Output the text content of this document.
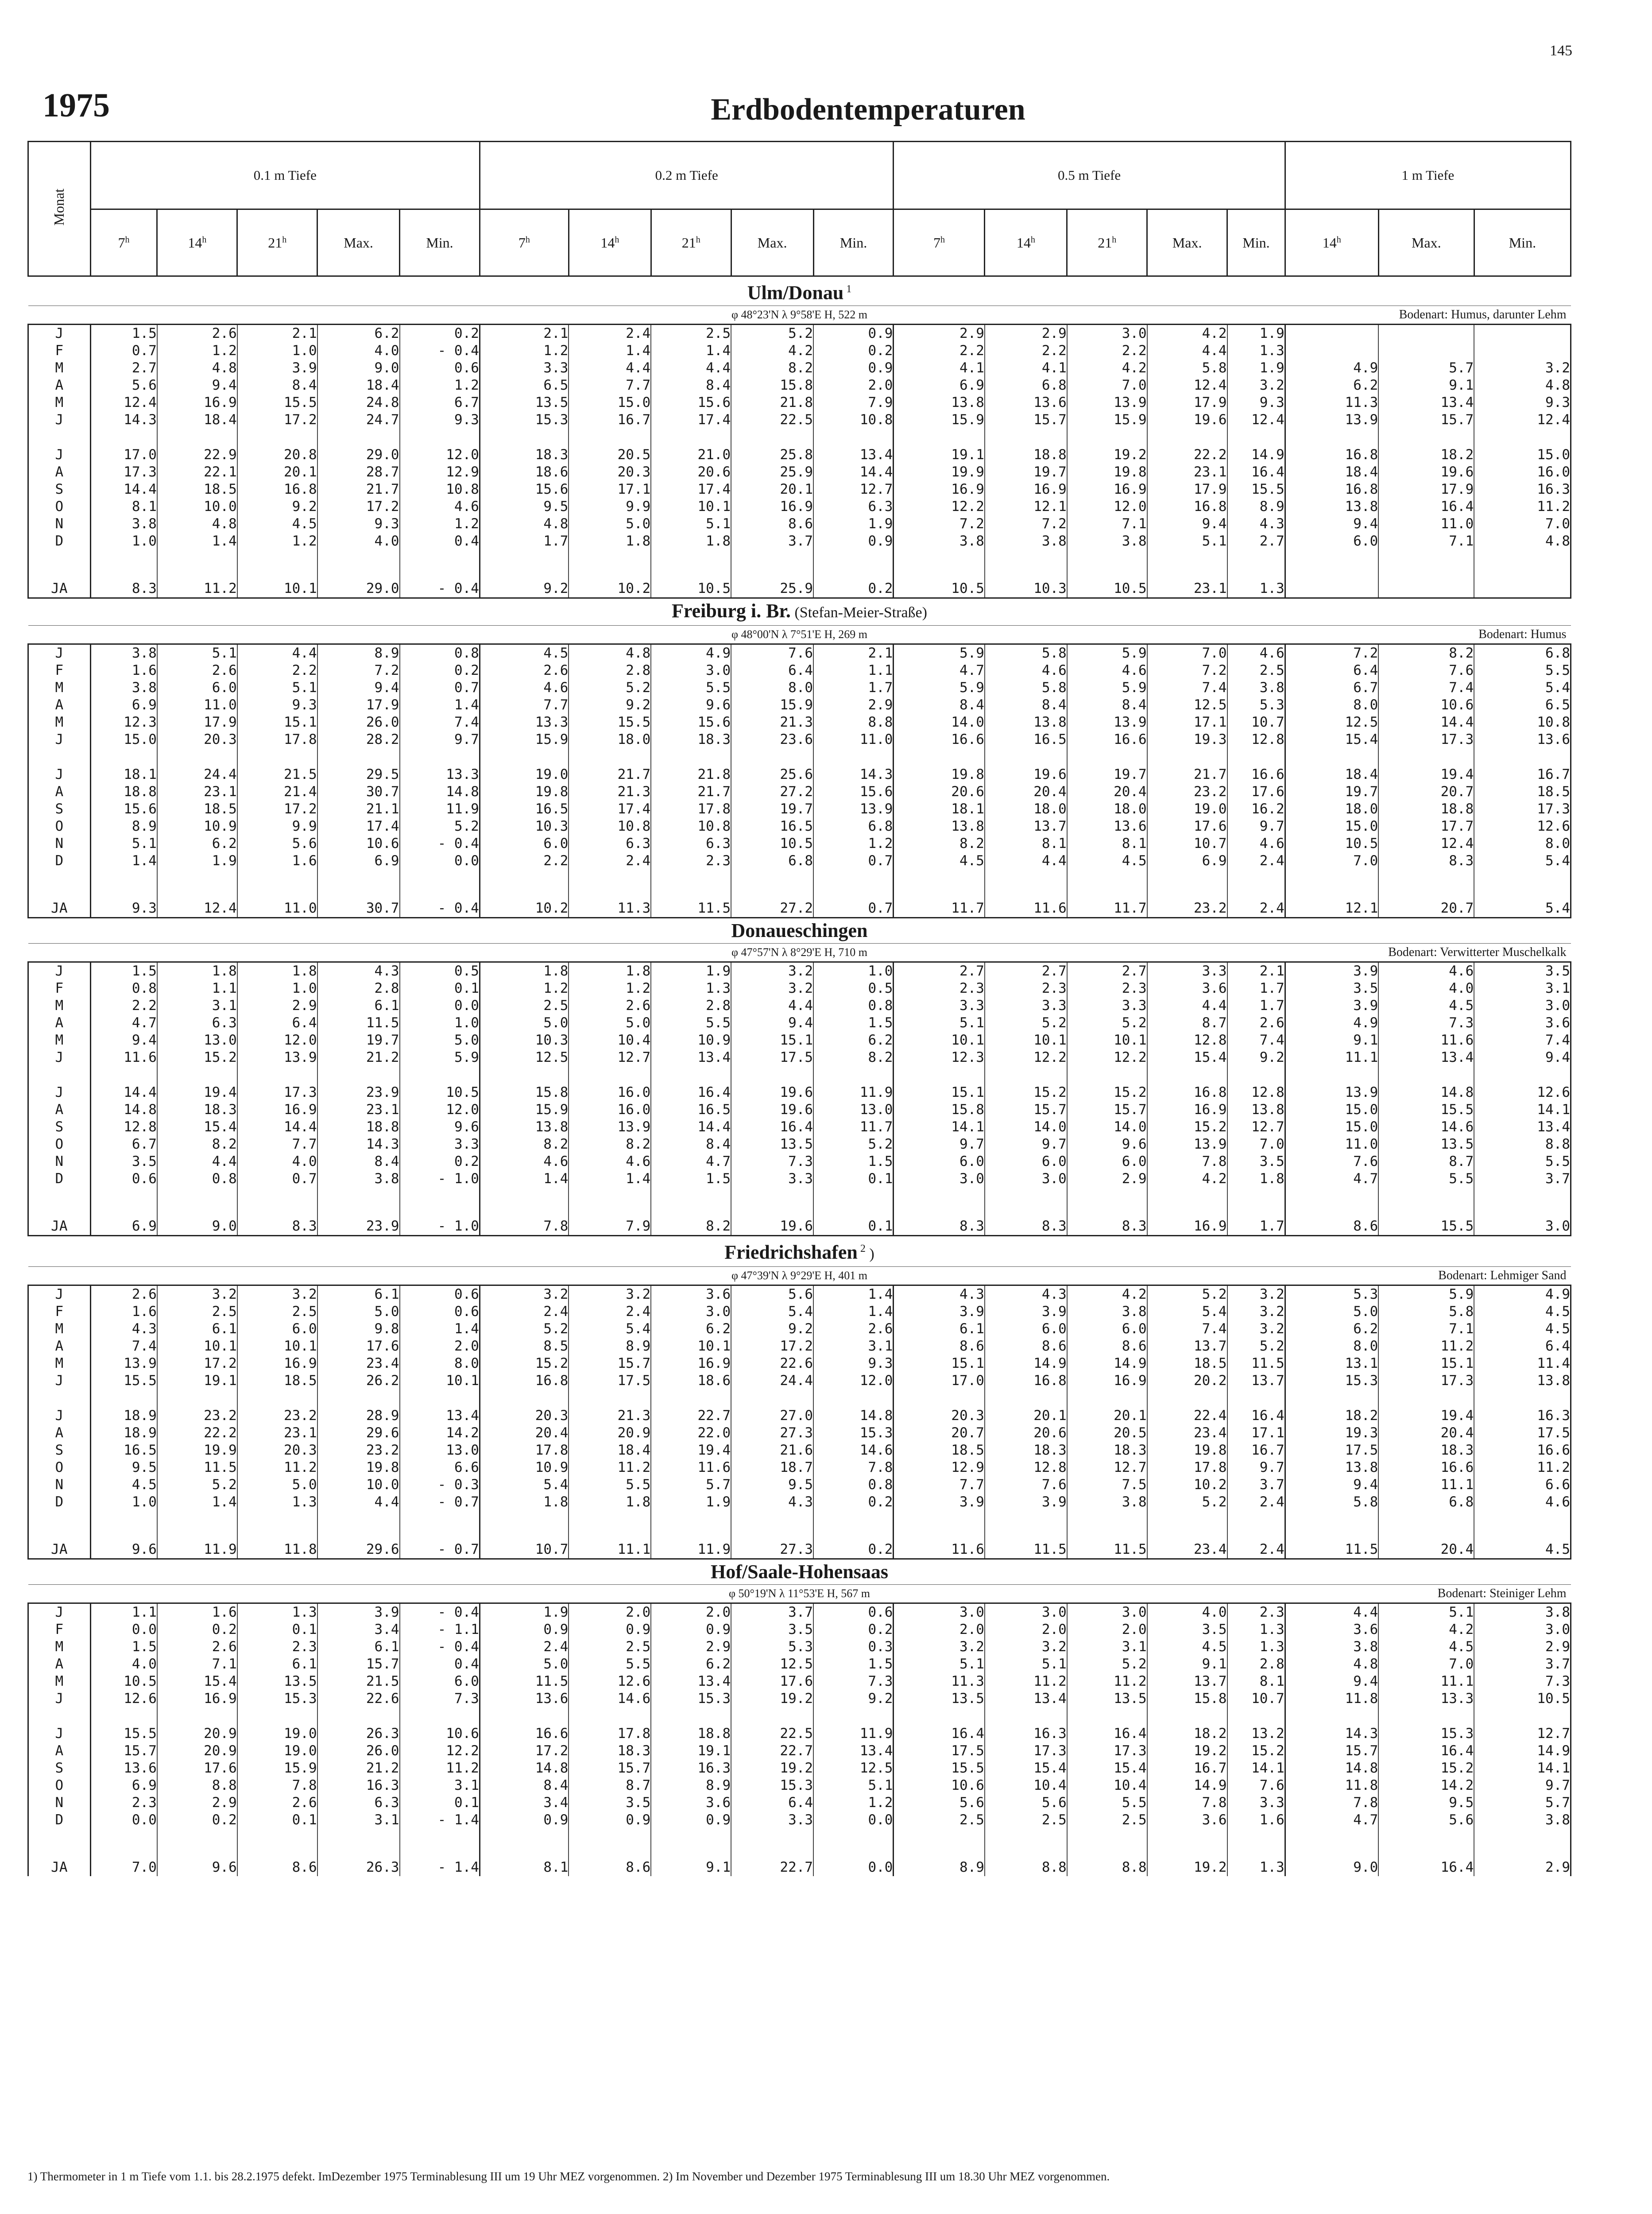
145
1975	Erdbodentemperaturen
Monat	0.1 m Tiefe					0.2 m Tiefe					0.5 m Tiefe					1 m Tiefe		
	7$^h$	14$^h$	21$^h$	Max.	Min.	7$^h$	14$^h$	21$^h$	Max.	Min.	7$^h$	14$^h$	21$^h$	Max.	Min.	14$^h$	Max.	Min.
Ulm/Donau $^1$
φ 48°23'N λ 9°58'E H, 522 m Bodenart: Humus, darunter Lehm																		

J	1.5	2.6	2.1	6.2	0.2	2.1	2.4	2.5	5.2	0.9	2.9	2.9	3.0	4.2	1.9			
F	0.7	1.2	1.0	4.0	- 0.4	1.2	1.4	1.4	4.2	0.2	2.2	2.2	2.2	4.4	1.3			
M	2.7	4.8	3.9	9.0	0.6	3.3	4.4	4.4	8.2	0.9	4.1	4.1	4.2	5.8	1.9	4.9	5.7	3.2
A	5.6	9.4	8.4	18.4	1.2	6.5	7.7	8.4	15.8	2.0	6.9	6.8	7.0	12.4	3.2	6.2	9.1	4.8
M	12.4	16.9	15.5	24.8	6.7	13.5	15.0	15.6	21.8	7.9	13.8	13.6	13.9	17.9	9.3	11.3	13.4	9.3
J	14.3	18.4	17.2	24.7	9.3	15.3	16.7	17.4	22.5	10.8	15.9	15.7	15.9	19.6	12.4	13.9	15.7	12.4

J	17.0	22.9	20.8	29.0	12.0	18.3	20.5	21.0	25.8	13.4	19.1	18.8	19.2	22.2	14.9	16.8	18.2	15.0
A	17.3	22.1	20.1	28.7	12.9	18.6	20.3	20.6	25.9	14.4	19.9	19.7	19.8	23.1	16.4	18.4	19.6	16.0
S	14.4	18.5	16.8	21.7	10.8	15.6	17.1	17.4	20.1	12.7	16.9	16.9	16.9	17.9	15.5	16.8	17.9	16.3
O	8.1	10.0	9.2	17.2	4.6	9.5	9.9	10.1	16.9	6.3	12.2	12.1	12.0	16.8	8.9	13.8	16.4	11.2
N	3.8	4.8	4.5	9.3	1.2	4.8	5.0	5.1	8.6	1.9	7.2	7.2	7.1	9.4	4.3	9.4	11.0	7.0
D	1.0	1.4	1.2	4.0	0.4	1.7	1.8	1.8	3.7	0.9	3.8	3.8	3.8	5.1	2.7	6.0	7.1	4.8

JA	8.3	11.2	10.1	29.0	- 0.4	9.2	10.2	10.5	25.9	0.2	10.5	10.3	10.5	23.1	1.3			
Freiburg i. Br. (Stefan-Meier-Straße)																		
φ 48°00'N λ 7°51'E H, 269 m Bodenart: Humus																		

J	3.8	5.1	4.4	8.9	0.8	4.5	4.8	4.9	7.6	2.1	5.9	5.8	5.9	7.0	4.6	7.2	8.2	6.8
F	1.6	2.6	2.2	7.2	0.2	2.6	2.8	3.0	6.4	1.1	4.7	4.6	4.6	7.2	2.5	6.4	7.6	5.5
M	3.8	6.0	5.1	9.4	0.7	4.6	5.2	5.5	8.0	1.7	5.9	5.8	5.9	7.4	3.8	6.7	7.4	5.4
A	6.9	11.0	9.3	17.9	1.4	7.7	9.2	9.6	15.9	2.9	8.4	8.4	8.4	12.5	5.3	8.0	10.6	6.5
M	12.3	17.9	15.1	26.0	7.4	13.3	15.5	15.6	21.3	8.8	14.0	13.8	13.9	17.1	10.7	12.5	14.4	10.8
J	15.0	20.3	17.8	28.2	9.7	15.9	18.0	18.3	23.6	11.0	16.6	16.5	16.6	19.3	12.8	15.4	17.3	13.6

J	18.1	24.4	21.5	29.5	13.3	19.0	21.7	21.8	25.6	14.3	19.8	19.6	19.7	21.7	16.6	18.4	19.4	16.7
A	18.8	23.1	21.4	30.7	14.8	19.8	21.3	21.7	27.2	15.6	20.6	20.4	20.4	23.2	17.6	19.7	20.7	18.5
S	15.6	18.5	17.2	21.1	11.9	16.5	17.4	17.8	19.7	13.9	18.1	18.0	18.0	19.0	16.2	18.0	18.8	17.3
O	8.9	10.9	9.9	17.4	5.2	10.3	10.8	10.8	16.5	6.8	13.8	13.7	13.6	17.6	9.7	15.0	17.7	12.6
N	5.1	6.2	5.6	10.6	- 0.4	6.0	6.3	6.3	10.5	1.2	8.2	8.1	8.1	10.7	4.6	10.5	12.4	8.0
D	1.4	1.9	1.6	6.9	0.0	2.2	2.4	2.3	6.8	0.7	4.5	4.4	4.5	6.9	2.4	7.0	8.3	5.4

JA	9.3	12.4	11.0	30.7	- 0.4	10.2	11.3	11.5	27.2	0.7	11.7	11.6	11.7	23.2	2.4	12.1	20.7	5.4
Donaueschingen																		
φ 47°57'N λ 8°29'E H, 710 m Bodenart: Verwitterter Muschelkalk																		

J	1.5	1.8	1.8	4.3	0.5	1.8	1.8	1.9	3.2	1.0	2.7	2.7	2.7	3.3	2.1	3.9	4.6	3.5
F	0.8	1.1	1.0	2.8	0.1	1.2	1.2	1.3	3.2	0.5	2.3	2.3	2.3	3.6	1.7	3.5	4.0	3.1
M	2.2	3.1	2.9	6.1	0.0	2.5	2.6	2.8	4.4	0.8	3.3	3.3	3.3	4.4	1.7	3.9	4.5	3.0
A	4.7	6.3	6.4	11.5	1.0	5.0	5.0	5.5	9.4	1.5	5.1	5.2	5.2	8.7	2.6	4.9	7.3	3.6
M	9.4	13.0	12.0	19.7	5.0	10.3	10.4	10.9	15.1	6.2	10.1	10.1	10.1	12.8	7.4	9.1	11.6	7.4
J	11.6	15.2	13.9	21.2	5.9	12.5	12.7	13.4	17.5	8.2	12.3	12.2	12.2	15.4	9.2	11.1	13.4	9.4

J	14.4	19.4	17.3	23.9	10.5	15.8	16.0	16.4	19.6	11.9	15.1	15.2	15.2	16.8	12.8	13.9	14.8	12.6
A	14.8	18.3	16.9	23.1	12.0	15.9	16.0	16.5	19.6	13.0	15.8	15.7	15.7	16.9	13.8	15.0	15.5	14.1
S	12.8	15.4	14.4	18.8	9.6	13.8	13.9	14.4	16.4	11.7	14.1	14.0	14.0	15.2	12.7	15.0	14.6	13.4
O	6.7	8.2	7.7	14.3	3.3	8.2	8.2	8.4	13.5	5.2	9.7	9.7	9.6	13.9	7.0	11.0	13.5	8.8
N	3.5	4.4	4.0	8.4	0.2	4.6	4.6	4.7	7.3	1.5	6.0	6.0	6.0	7.8	3.5	7.6	8.7	5.5
D	0.6	0.8	0.7	3.8	- 1.0	1.4	1.4	1.5	3.3	0.1	3.0	3.0	2.9	4.2	1.8	4.7	5.5	3.7

JA	6.9	9.0	8.3	23.9	- 1.0	7.8	7.9	8.2	19.6	0.1	8.3	8.3	8.3	16.9	1.7	8.6	15.5	3.0
Friedrichshafen $^2$ )																		
φ 47°39'N λ 9°29'E H, 401 m Bodenart: Lehmiger Sand																		

J	2.6	3.2	3.2	6.1	0.6	3.2	3.2	3.6	5.6	1.4	4.3	4.3	4.2	5.2	3.2	5.3	5.9	4.9
F	1.6	2.5	2.5	5.0	0.6	2.4	2.4	3.0	5.4	1.4	3.9	3.9	3.8	5.4	3.2	5.0	5.8	4.5
M	4.3	6.1	6.0	9.8	1.4	5.2	5.4	6.2	9.2	2.6	6.1	6.0	6.0	7.4	3.2	6.2	7.1	4.5
A	7.4	10.1	10.1	17.6	2.0	8.5	8.9	10.1	17.2	3.1	8.6	8.6	8.6	13.7	5.2	8.0	11.2	6.4
M	13.9	17.2	16.9	23.4	8.0	15.2	15.7	16.9	22.6	9.3	15.1	14.9	14.9	18.5	11.5	13.1	15.1	11.4
J	15.5	19.1	18.5	26.2	10.1	16.8	17.5	18.6	24.4	12.0	17.0	16.8	16.9	20.2	13.7	15.3	17.3	13.8

J	18.9	23.2	23.2	28.9	13.4	20.3	21.3	22.7	27.0	14.8	20.3	20.1	20.1	22.4	16.4	18.2	19.4	16.3
A	18.9	22.2	23.1	29.6	14.2	20.4	20.9	22.0	27.3	15.3	20.7	20.6	20.5	23.4	17.1	19.3	20.4	17.5
S	16.5	19.9	20.3	23.2	13.0	17.8	18.4	19.4	21.6	14.6	18.5	18.3	18.3	19.8	16.7	17.5	18.3	16.6
O	9.5	11.5	11.2	19.8	6.6	10.9	11.2	11.6	18.7	7.8	12.9	12.8	12.7	17.8	9.7	13.8	16.6	11.2
N	4.5	5.2	5.0	10.0	- 0.3	5.4	5.5	5.7	9.5	0.8	7.7	7.6	7.5	10.2	3.7	9.4	11.1	6.6
D	1.0	1.4	1.3	4.4	- 0.7	1.8	1.8	1.9	4.3	0.2	3.9	3.9	3.8	5.2	2.4	5.8	6.8	4.6

JA	9.6	11.9	11.8	29.6	- 0.7	10.7	11.1	11.9	27.3	0.2	11.6	11.5	11.5	23.4	2.4	11.5	20.4	4.5
Hof/Saale-Hohensaas																		
φ 50°19'N λ 11°53'E H, 567 m Bodenart: Steiniger Lehm																		

J	1.1	1.6	1.3	3.9	- 0.4	1.9	2.0	2.0	3.7	0.6	3.0	3.0	3.0	4.0	2.3	4.4	5.1	3.8
F	0.0	0.2	0.1	3.4	- 1.1	0.9	0.9	0.9	3.5	0.2	2.0	2.0	2.0	3.5	1.3	3.6	4.2	3.0
M	1.5	2.6	2.3	6.1	- 0.4	2.4	2.5	2.9	5.3	0.3	3.2	3.2	3.1	4.5	1.3	3.8	4.5	2.9
A	4.0	7.1	6.1	15.7	0.4	5.0	5.5	6.2	12.5	1.5	5.1	5.1	5.2	9.1	2.8	4.8	7.0	3.7
M	10.5	15.4	13.5	21.5	6.0	11.5	12.6	13.4	17.6	7.3	11.3	11.2	11.2	13.7	8.1	9.4	11.1	7.3
J	12.6	16.9	15.3	22.6	7.3	13.6	14.6	15.3	19.2	9.2	13.5	13.4	13.5	15.8	10.7	11.8	13.3	10.5

J	15.5	20.9	19.0	26.3	10.6	16.6	17.8	18.8	22.5	11.9	16.4	16.3	16.4	18.2	13.2	14.3	15.3	12.7
A	15.7	20.9	19.0	26.0	12.2	17.2	18.3	19.1	22.7	13.4	17.5	17.3	17.3	19.2	15.2	15.7	16.4	14.9
S	13.6	17.6	15.9	21.2	11.2	14.8	15.7	16.3	19.2	12.5	15.5	15.4	15.4	16.7	14.1	14.8	15.2	14.1
O	6.9	8.8	7.8	16.3	3.1	8.4	8.7	8.9	15.3	5.1	10.6	10.4	10.4	14.9	7.6	11.8	14.2	9.7
N	2.3	2.9	2.6	6.3	0.1	3.4	3.5	3.6	6.4	1.2	5.6	5.6	5.5	7.8	3.3	7.8	9.5	5.7
D	0.0	0.2	0.1	3.1	- 1.4	0.9	0.9	0.9	3.3	0.0	2.5	2.5	2.5	3.6	1.6	4.7	5.6	3.8

JA	7.0	9.6	8.6	26.3	- 1.4	8.1	8.6	9.1	22.7	0.0	8.9	8.8	8.8	19.2	1.3	9.0	16.4	2.9
1) Thermometer in 1 m Tiefe vom 1.1. bis 28.2.1975 defekt. ImDezember 1975 Terminablesung III um 19 Uhr MEZ vorgenommen. 2) Im November und Dezember 1975 Terminablesung III um 18.30 Uhr MEZ vorgenommen.
